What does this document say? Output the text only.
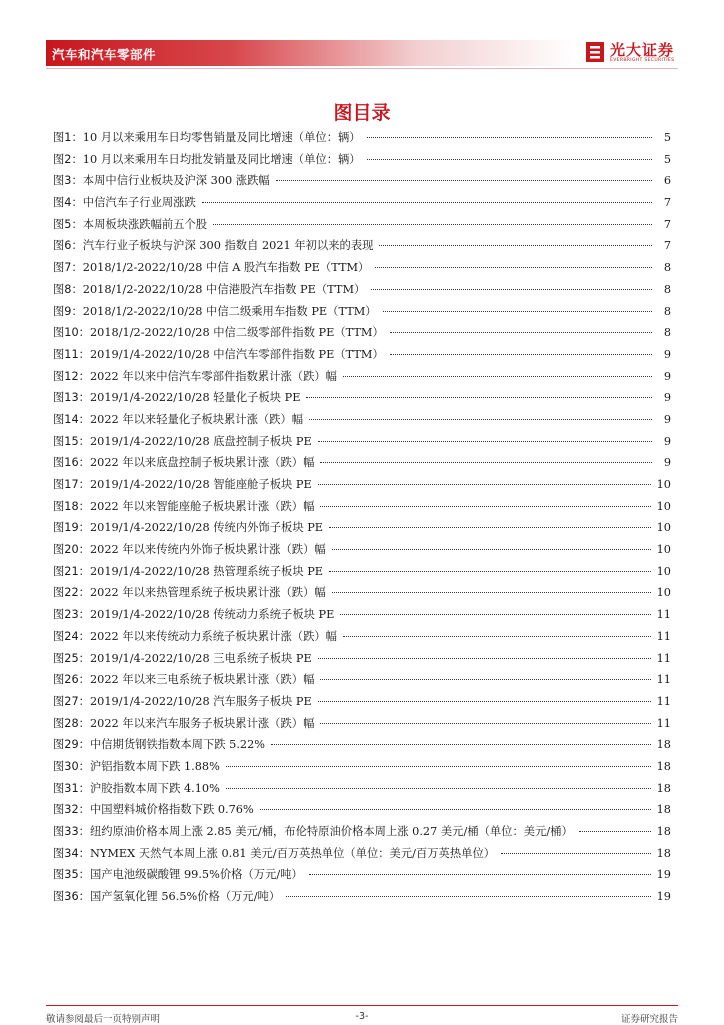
汽车和汽车零部件	光大证券
EVERBRIGHT SECURITIES
图目录
图1：10 月以来乘用车日均零售销量及同比增速（单位：辆）	5
图2：10 月以来乘用车日均批发销量及同比增速（单位：辆）	5
图3：本周中信行业板块及沪深 300 涨跌幅	6
图4：中信汽车子行业周涨跌	7
图5：本周板块涨跌幅前五个股	7
图6：汽车行业子板块与沪深 300 指数自 2021 年初以来的表现	7
图7：2018/1/2-2022/10/28 中信 A 股汽车指数 PE（TTM）	8
图8：2018/1/2-2022/10/28 中信港股汽车指数 PE（TTM）	8
图9：2018/1/2-2022/10/28 中信二级乘用车指数 PE（TTM）	8
图10：2018/1/2-2022/10/28 中信二级零部件指数 PE（TTM）	8
图11：2019/1/4-2022/10/28 中信汽车零部件指数 PE（TTM）	9
图12：2022 年以来中信汽车零部件指数累计涨（跌）幅	9
图13：2019/1/4-2022/10/28 轻量化子板块 PE	9
图14：2022 年以来轻量化子板块累计涨（跌）幅	9
图15：2019/1/4-2022/10/28 底盘控制子板块 PE	9
图16：2022 年以来底盘控制子板块累计涨（跌）幅	9
图17：2019/1/4-2022/10/28 智能座舱子板块 PE	10
图18：2022 年以来智能座舱子板块累计涨（跌）幅	10
图19：2019/1/4-2022/10/28 传统内外饰子板块 PE	10
图20：2022 年以来传统内外饰子板块累计涨（跌）幅	10
图21：2019/1/4-2022/10/28 热管理系统子板块 PE	10
图22：2022 年以来热管理系统子板块累计涨（跌）幅	10
图23：2019/1/4-2022/10/28 传统动力系统子板块 PE	11
图24：2022 年以来传统动力系统子板块累计涨（跌）幅	11
图25：2019/1/4-2022/10/28 三电系统子板块 PE	11
图26：2022 年以来三电系统子板块累计涨（跌）幅	11
图27：2019/1/4-2022/10/28 汽车服务子板块 PE	11
图28：2022 年以来汽车服务子板块累计涨（跌）幅	11
图29：中信期货钢铁指数本周下跌 5.22%	18
图30：沪铝指数本周下跌 1.88%	18
图31：沪胶指数本周下跌 4.10%	18
图32：中国塑料城价格指数下跌 0.76%	18
图33：纽约原油价格本周上涨 2.85 美元/桶，布伦特原油价格本周上涨 0.27 美元/桶（单位：美元/桶）	18
图34：NYMEX 天然气本周上涨 0.81 美元/百万英热单位（单位：美元/百万英热单位）	18
图35：国产电池级碳酸锂 99.5%价格（万元/吨）	19
图36：国产氢氧化锂 56.5%价格（万元/吨）	19
敬请参阅最后一页特别声明	-3-	证券研究报告
